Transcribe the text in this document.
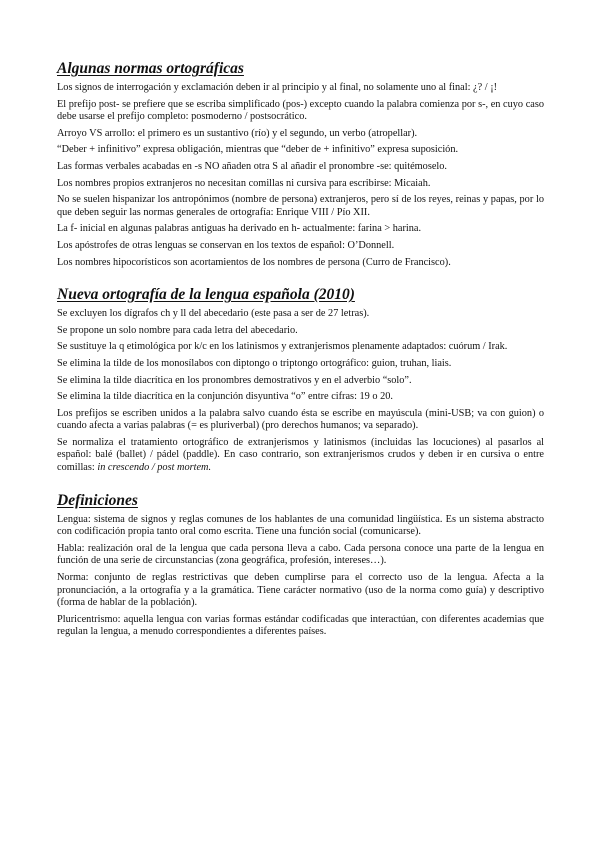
Algunas normas ortográficas

Los signos de interrogación y exclamación deben ir al principio y al final, no solamente uno al final: ¿? / ¡!

El prefijo post- se prefiere que se escriba simplificado (pos-) excepto cuando la palabra comienza por s-, en cuyo caso debe usarse el prefijo completo: posmoderno / postsocrático.

Arroyo VS arrollo: el primero es un sustantivo (río) y el segundo, un verbo (atropellar).

“Deber + infinitivo” expresa obligación, mientras que “deber de + infinitivo” expresa suposición.

Las formas verbales acabadas en -s NO añaden otra S al añadir el pronombre -se: quitémoselo.

Los nombres propios extranjeros no necesitan comillas ni cursiva para escribirse: Micaiah.

No se suelen hispanizar los antropónimos (nombre de persona) extranjeros, pero sí de los reyes, reinas y papas, por lo que deben seguir las normas generales de ortografía: Enrique VIII / Pío XII.

La f- inicial en algunas palabras antiguas ha derivado en h- actualmente: farina > harina.

Los apóstrofes de otras lenguas se conservan en los textos de español: O’Donnell.

Los nombres hipocorísticos son acortamientos de los nombres de persona (Curro de Francisco).

Nueva ortografía de la lengua española (2010)

Se excluyen los dígrafos ch y ll del abecedario (este pasa a ser de 27 letras).

Se propone un solo nombre para cada letra del abecedario.

Se sustituye la q etimológica por k/c en los latinismos y extranjerismos plenamente adaptados: cuórum / Irak.

Se elimina la tilde de los monosílabos con diptongo o triptongo ortográfico: guion, truhan, liais.

Se elimina la tilde diacrítica en los pronombres demostrativos y en el adverbio “solo”.

Se elimina la tilde diacrítica en la conjunción disyuntiva “o” entre cifras: 19 o 20.

Los prefijos se escriben unidos a la palabra salvo cuando ésta se escribe en mayúscula (mini-USB; va con guion) o cuando afecta a varias palabras (= es pluriverbal) (pro derechos humanos; va separado).

Se normaliza el tratamiento ortográfico de extranjerismos y latinismos (incluidas las locuciones) al pasarlos al español: balé (ballet) / pádel (paddle). En caso contrario, son extranjerismos crudos y deben ir en cursiva o entre comillas: in crescendo / post mortem.

Definiciones

Lengua: sistema de signos y reglas comunes de los hablantes de una comunidad lingüística. Es un sistema abstracto con codificación propia tanto oral como escrita. Tiene una función social (comunicarse).

Habla: realización oral de la lengua que cada persona lleva a cabo. Cada persona conoce una parte de la lengua en función de una serie de circunstancias (zona geográfica, profesión, intereses…).

Norma: conjunto de reglas restrictivas que deben cumplirse para el correcto uso de la lengua. Afecta a la pronunciación, a la ortografía y a la gramática. Tiene carácter normativo (uso de la norma como guía) y descriptivo (forma de hablar de la población).

Pluricentrismo: aquella lengua con varias formas estándar codificadas que interactúan, con diferentes academias que regulan la lengua, a menudo correspondientes a diferentes países.
